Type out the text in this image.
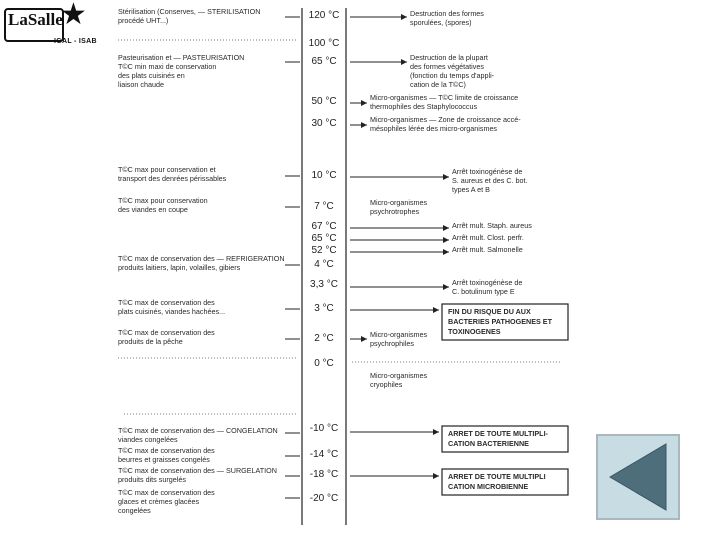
LaSalle
★
IGAL - ISAB
120 °C
100 °C
65 °C
50 °C
30 °C
10 °C
7 °C
67 °C
65 °C
52 °C
4 °C
3,3 °C
3 °C
2 °C
0 °C
-10 °C
-14 °C
-18 °C
-20 °C
Stérilisation (Conserves, — STERILISATION
procédé UHT...)
Pasteurisation et — PASTEURISATION
T©C min maxi de conservation
des plats cuisinés en
liaison chaude
T©C max pour conservation et
transport des denrées périssables
T©C max pour conservation
des viandes en coupe
T©C max de conservation des — REFRIGERATION
produits laitiers, lapin, volailles, gibiers
T©C max de conservation des
plats cuisinés, viandes hachées...
T©C max de conservation des
produits de la pêche
T©C max de conservation des — CONGELATION
viandes congelées
T©C max de conservation des
beurres et graisses congelés
T©C max de conservation des — SURGELATION
produits dits surgelés
T©C max de conservation des
glaces et crèmes glacées
congelées
Destruction des formes
sporulées, (spores)
Destruction de la plupart
des formes végétatives
(fonction du temps d'appli-
cation de la T©C)
Micro-organismes — T©C limite de croissance
thermophiles des Staphylococcus
Micro-organismes — Zone de croissance accé-
mésophiles lérée des micro-organismes
Arrêt toxinogénèse de
S. aureus et des C. bot.
types A et B
Micro-organismes
psychrotrophes
Arrêt mult. Staph. aureus
Arrêt mult. Clost. perfr.
Arrêt mult. Salmonelle
Arrêt toxinogénèse de
C. botulinum type E
Micro-organismes
psychrophiles
Micro-organismes
cryophiles
FIN DU RISQUE DU AUX
BACTERIES PATHOGENES ET
TOXINOGENES
ARRET DE TOUTE MULTIPLI-
CATION BACTERIENNE
ARRET DE TOUTE MULTIPLI
CATION MICROBIENNE
